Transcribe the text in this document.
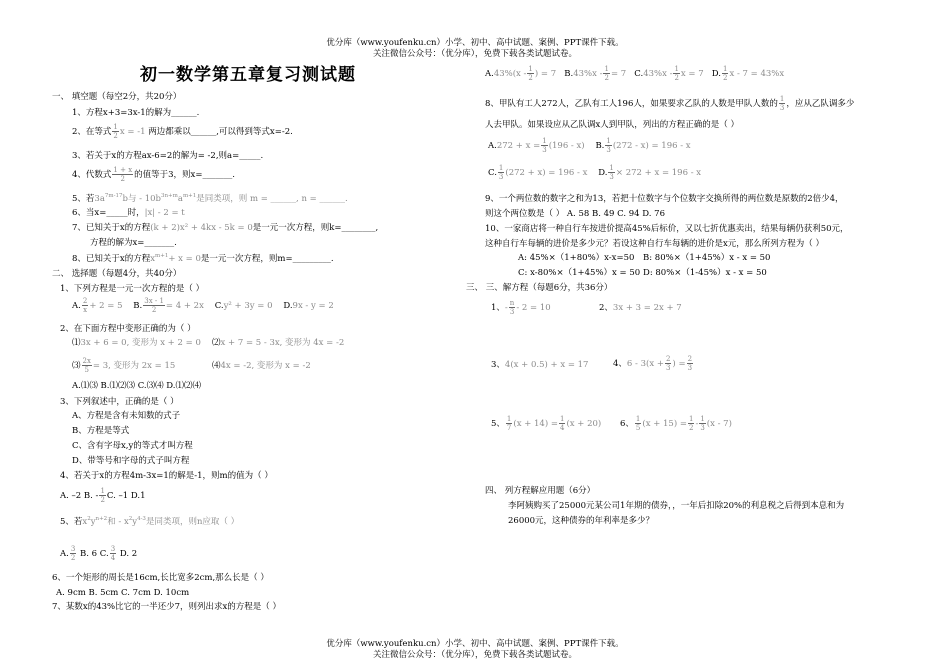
优分库（www.youfenku.cn）小学、初中、高中试题、案例、PPT课件下载。
关注微信公众号：（优分库），免费下载各类试题试卷。
初一数学第五章复习测试题
一、 填空题（每空2分，共20分）
1、方程x+3=3x-1的解为______.
2、在等式 $\frac{1}{2}$ x = -1 两边都乘以______,可以得到等式x=-2.
3、若关于x的方程ax-6=2的解为= -2,则a=_____.
4、代数式 $\frac{1 + x}{2}$ 的值等于3，则x=_______.
5、若$3a^{7m-17}b$与 - $10b^{3n+m}a^{m+1}$是同类项，则 m = ______, n = ______.
6、当x=_____时，|x| - 2 = t
7、已知关于x的方程(k + 2)x² + 4kx - 5k = 0是一元一次方程，则k=________,
方程的解为x=_______.
8、已知关于x的方程$x^{m+1}+ x = 0$是一元一次方程，则m=_________.
二、 选择题（每题4分，共40分）
1、下列方程是一元一次方程的是（ ）
A. $\frac{2}{x} + 2 = 5$ B. $\frac{3x - 1}{2} = 4 + 2x$ C.y² + 3y = 0 D.9x - y = 2
2、在下面方程中变形正确的为（ ）
⑴3x + 6 = 0, 变形为 x + 2 = 0 ⑵x + 7 = 5 - 3x, 变形为 4x = -2
⑶ $\frac{2x}{5} = 3$, 变形为 2x = 15	⑷4x = -2, 变形为 x = -2
A.⑴⑶ B.⑴⑵⑶ C.⑶⑷ D.⑴⑵⑷
3、下列叙述中，正确的是（ ）
A、方程是含有未知数的式子
B、方程是等式
C、含有字母x,y的等式才叫方程
D、带等号和字母的式子叫方程
4、若关于x的方程4m-3x=1的解是-1，则m的值为（ ）
A. –2 B. - $\frac{1}{2} C$. –1 D.1
5、若$x^2y^{n+2}$和 - $x^2y^{4-3}$是同类项，则n应取（ ）
A. $\frac{3}{2} B$. 6 C. $\frac{3}{4} D$. 2
6、一个矩形的周长是16cm,长比宽多2cm,那么长是（ ）
A. 9cm B. 5cm C. 7cm D. 10cm
7、某数x的43%比它的一半还少7，则列出求x的方程是（ ）
$A.43\%(x - \frac{1}{2}$ ) = 7 $B.43\%x - \frac{1}{2} = 7$ $C.43\%x - \frac{1}{2}$ x = 7 D. $\frac{1}{2}$ x - 7 = 43%x
8、甲队有工人272人，乙队有工人196人，如果要求乙队的人数是甲队人数的 $\frac{1}{3}$ ，应从乙队调多少
人去甲队。如果设应从乙队调x人到甲队，列出的方程正确的是（ ）
$A.272 + x = \frac{1}{3} (196 - x)$ B. $\frac{1}{3} (272 - x) = 196 - x$
C. $\frac{1}{3} (272 + x) = 196 - x$ D. $\frac{1}{3} \times 272 + x = 196 - x$
9、一个两位数的数字之和为13，若把十位数字与个位数字交换所得的两位数是原数的2倍少4，
则这个两位数是（ ） A. 58 B. 49 C. 94 D. 76
10、一家商店将一种自行车按进价提高45%后标价，又以七折优惠卖出，结果每辆仍获利50元，
这种自行车每辆的进价是多少元？若设这种自行车每辆的进价是x元，那么所列方程为（ ）
A: 45%×（1+80%）x-x=50 B: 80%×（1+45%）x - x = 50
C: x-80%×（1+45%）x = 50 D: 80%×（1-45%）x - x = 50
三、 三、解方程（每题6分，共36分）
1、- $\frac{n}{3} - 2 = 10$	2、3x + 3 = 2x + 7
3、4(x + 0.5) + x = 17	4、$6 - 3(x + \frac{2}{3}$ ) = $\frac{2}{3}$
5、 $\frac{1}{7} (x + 14) = \frac{1}{4} (x + 20)$ 6、 $\frac{1}{5} (x + 15) = \frac{1}{2} - \frac{1}{3} (x - 7)$
四、 列方程解应用题（6分）
李阿姨购买了25000元某公司1年期的债券，，一年后扣除20%的利息税之后得到本息和为
26000元，这种债券的年利率是多少？
优分库（www.youfenku.cn）小学、初中、高中试题、案例、PPT课件下载。
关注微信公众号：（优分库），免费下载各类试题试卷。
